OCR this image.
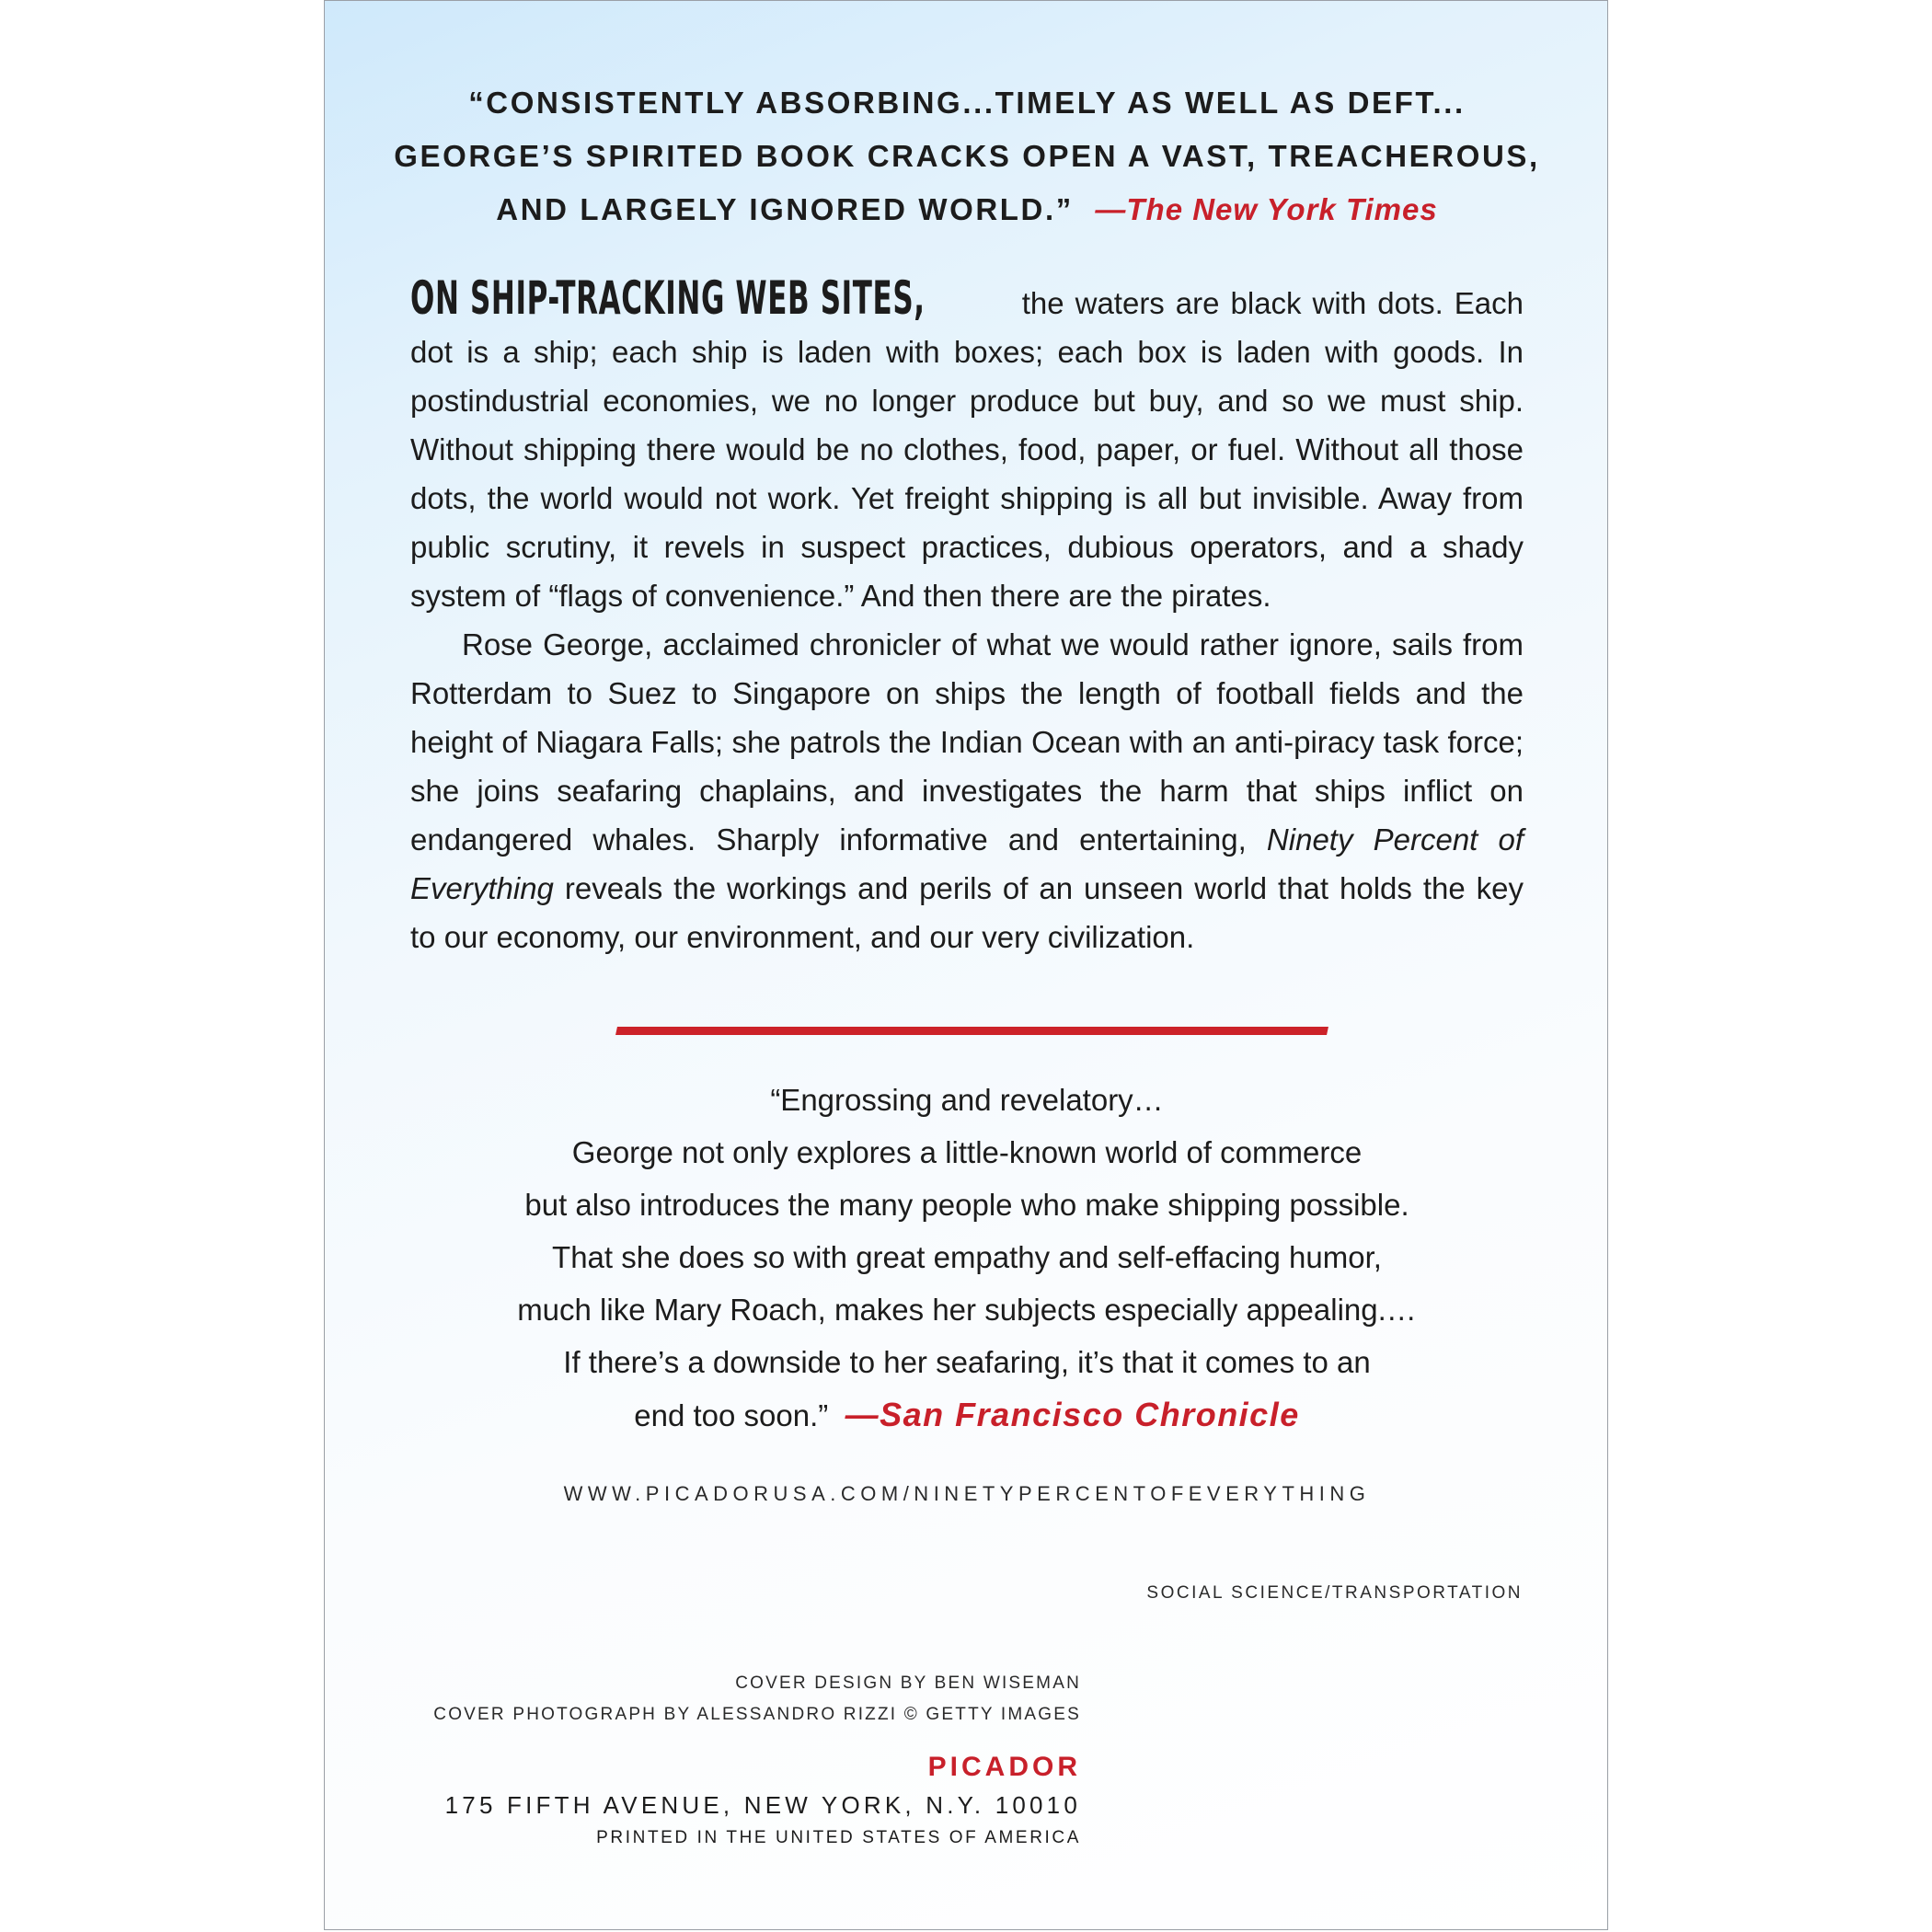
“CONSISTENTLY ABSORBING...TIMELY AS WELL AS DEFT...
GEORGE’S SPIRITED BOOK CRACKS OPEN A VAST, TREACHEROUS,
AND LARGELY IGNORED WORLD.” —The New York Times

ON SHIP-TRACKING WEB SITES,	the waters are black with dots. Each dot is a ship; each ship is laden with boxes; each box is laden with goods. In postindustrial economies, we no longer produce but buy, and so we must ship. Without shipping there would be no clothes, food, paper, or fuel. Without all those dots, the world would not work. Yet freight shipping is all but invisible. Away from public scrutiny, it revels in suspect practices, dubious operators, and a shady system of “flags of convenience.” And then there are the pirates.

Rose George, acclaimed chronicler of what we would rather ignore, sails from Rotterdam to Suez to Singapore on ships the length of football fields and the height of Niagara Falls; she patrols the Indian Ocean with an anti-piracy task force; she joins seafaring chaplains, and investigates the harm that ships inflict on endangered whales. Sharply informative and entertaining, Ninety Percent of Everything reveals the workings and perils of an unseen world that holds the key to our economy, our environment, and our very civilization.

“Engrossing and revelatory…
George not only explores a little-known world of commerce
but also introduces the many people who make shipping possible.
That she does so with great empathy and self-effacing humor,
much like Mary Roach, makes her subjects especially appealing.…
If there’s a downside to her seafaring, it’s that it comes to an
end too soon.” —San Francisco Chronicle
WWW.PICADORUSA.COM/NINETYPERCENTOFEVERYTHING
SOCIAL SCIENCE/TRANSPORTATION
COVER DESIGN BY BEN WISEMAN
COVER PHOTOGRAPH BY ALESSANDRO RIZZI © GETTY IMAGES
PICADOR
175 FIFTH AVENUE, NEW YORK, N.Y. 10010
PRINTED IN THE UNITED STATES OF AMERICA
